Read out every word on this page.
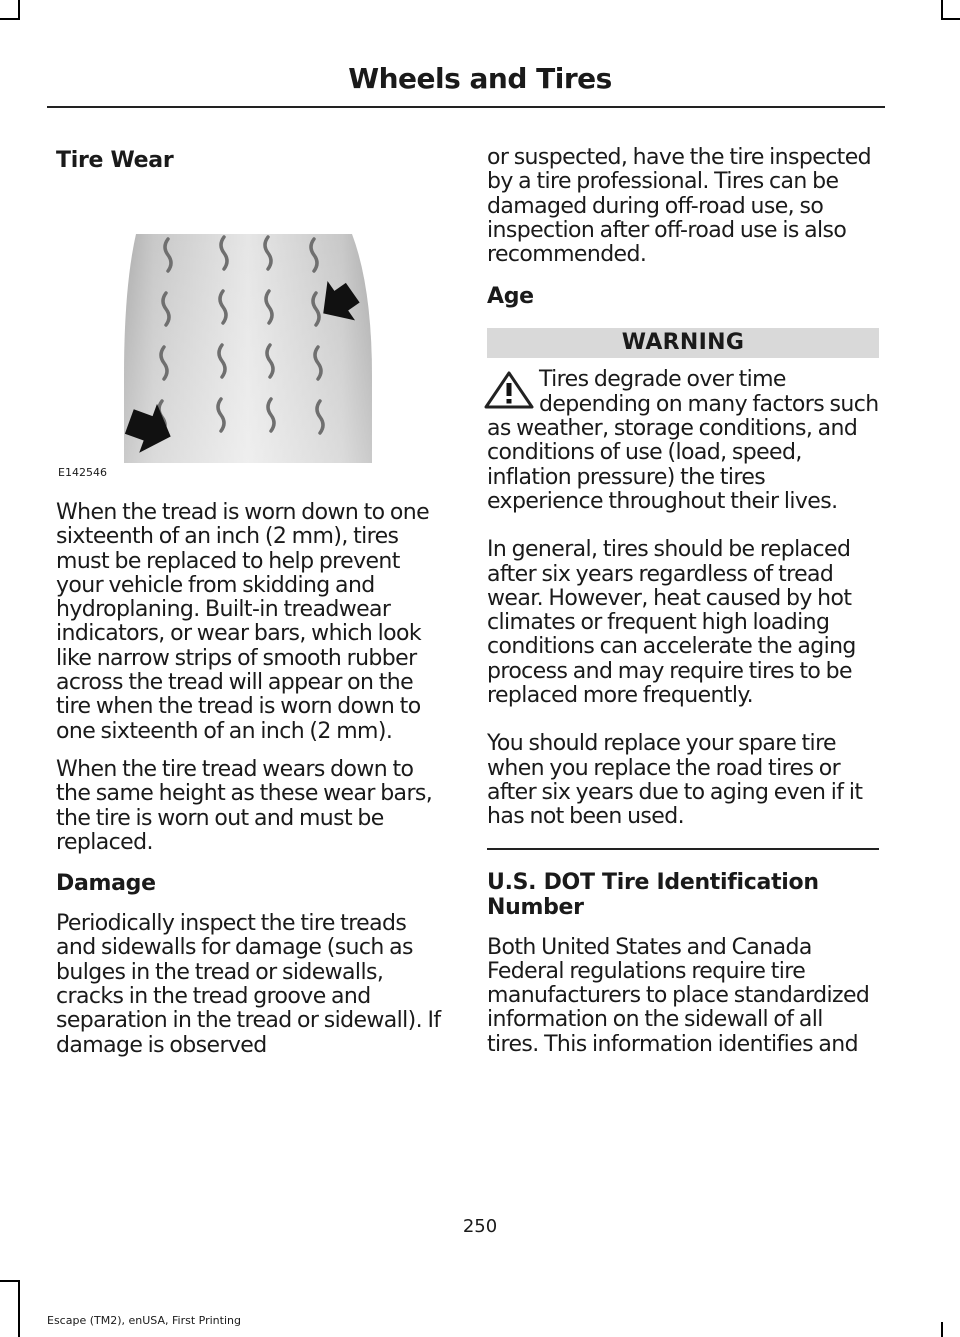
Wheels and Tires
Tire Wear
E142546

When the tread is worn down to one sixteenth of an inch (2 mm), tires must be replaced to help prevent your vehicle from skidding and hydroplaning. Built-in treadwear indicators, or wear bars, which look like narrow strips of smooth rubber across the tread will appear on the tire when the tread is worn down to one sixteenth of an inch (2 mm).

When the tire tread wears down to the same height as these wear bars, the tire is worn out and must be replaced.

Damage

Periodically inspect the tire treads and sidewalls for damage (such as bulges in the tread or sidewalls, cracks in the tread groove and separation in the tread or sidewall). If damage is observed

or suspected, have the tire inspected by a tire professional. Tires can be damaged during off-road use, so inspection after off-road use is also recommended.

Age
WARNING

Tires degrade over time depending on many factors such as weather, storage conditions, and conditions of use (load, speed, inflation pressure) the tires experience throughout their lives.

In general, tires should be replaced after six years regardless of tread wear. However, heat caused by hot climates or frequent high loading conditions can accelerate the aging process and may require tires to be replaced more frequently.

You should replace your spare tire when you replace the road tires or after six years due to aging even if it has not been used.

U.S. DOT Tire Identification Number

Both United States and Canada Federal regulations require tire manufacturers to place standardized information on the sidewall of all tires. This information identifies and

250
Escape (TM2), enUSA, First Printing
